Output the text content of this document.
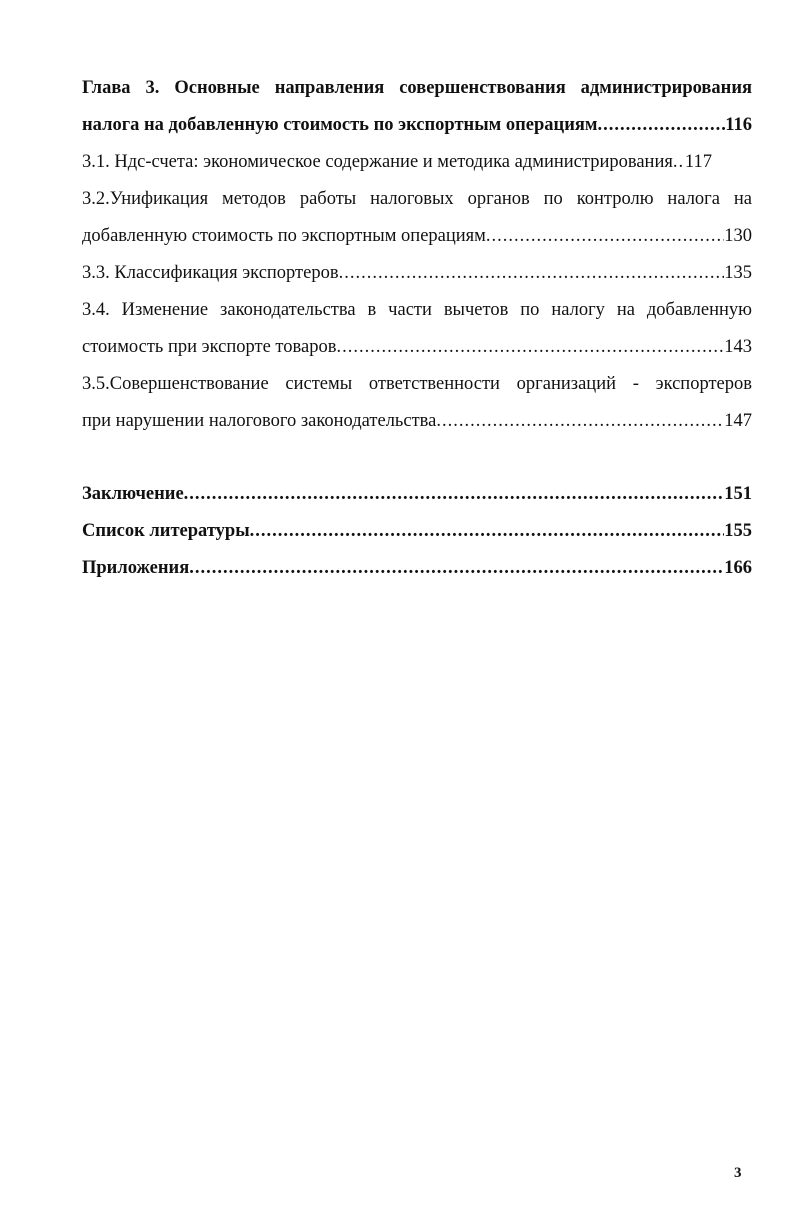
Глава 3. Основные направления совершенствования администрирования
налога на добавленную стоимость по экспортным операциям .....	116
3.1. Ндс-счета: экономическое содержание и методика администрирования ..... 117
3.2.Унификация методов работы налоговых органов по контролю налога на
добавленную стоимость по экспортным операциям .....	130
3.3. Классификация экспортеров .....	135
3.4. Изменение законодательства в части вычетов по налогу на добавленную
стоимость при экспорте товаров .....	143
3.5.Совершенствование системы ответственности организаций - экспортеров
при нарушении налогового законодательства .....	147
Заключение .....	151
Список литературы .....	155
Приложения .....	166
3
